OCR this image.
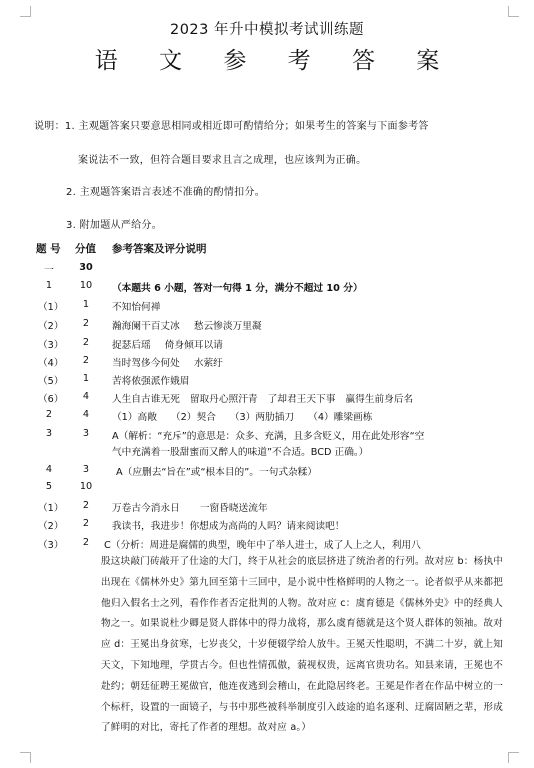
2023 年升中模拟考试训练题
语 文 参 考 答 案
说明：1. 主观题答案只要意思相同或相近即可酌情给分；如果考生的答案与下面参考答
案说法不一致，但符合题目要求且言之成理，也应该判为正确。
2. 主观题答案语言表述不准确的酌情扣分。
3. 附加题从严给分。
题 号 分值 参考答案及评分说明
一	30
1	10	（本题共 6 小题，答对一句得 1 分，满分不超过 10 分）
（1）	1	不知怡何禅
（2）	2	瀚海阑干百丈冰 愁云惨淡万里凝
（3）	2	捉瑟后瑶 倚身倾耳以请
（4）	2	当时驾侈今何处 水萦纡
（5）	1	苦将侬强派作娥眉
（6）	4	人生自古谁无死 留取丹心照汗青 了却君王天下事 赢得生前身后名
2	4	（1）高敞 （2）契合 （3）两肋插刀 （4）雕梁画栋
3	3	A（解析：“充斥”的意思是：众多、充满，且多含贬义，用在此处形容“空
气中充满着一股甜蜜而又醉人的味道”不合适。BCD 正确。）
4	3	A（应删去“旨在”或“根本目的”。一句式杂糅）
5	10
（1）	2	万卷古今消永日 一窗昏晓送流年
（2）	2	我读书，我进步！你想成为高尚的人吗？请来阅读吧！
（3）	2	C（分析：周进是腐儒的典型，晚年中了举人进士，成了人上之人，利用八
股这块敲门砖敲开了仕途的大门，终于从社会的底层挤进了统治者的行列。故对应 b：杨执中出现在《儒林外史》第九回至第十三回中，是小说中性格鲜明的人物之一。论者似乎从来都把他归入假名士之列，看作作者否定批判的人物。故对应 c：虞育德是《儒林外史》中的经典人物之一。如果说杜少卿是贤人群体中的得力战将，那么虞育德就是这个贤人群体的领袖。故对应 d：王冕出身贫寒，七岁丧父，十岁便辍学给人放牛。王冕天性聪明，不满二十岁，就上知天文，下知地理，学贯古今。但也性情孤傲，藐视权贵，远离官贵功名。知县来请，王冕也不赴约；朝廷征聘王冕做官，他连夜逃到会稽山，在此隐居终老。王冕是作者在作品中树立的一个标杆，设置的一面镜子，与书中那些被科举制度引入歧途的追名逐利、迂腐固陋之辈，形成了鲜明的对比，寄托了作者的理想。故对应 a。）
